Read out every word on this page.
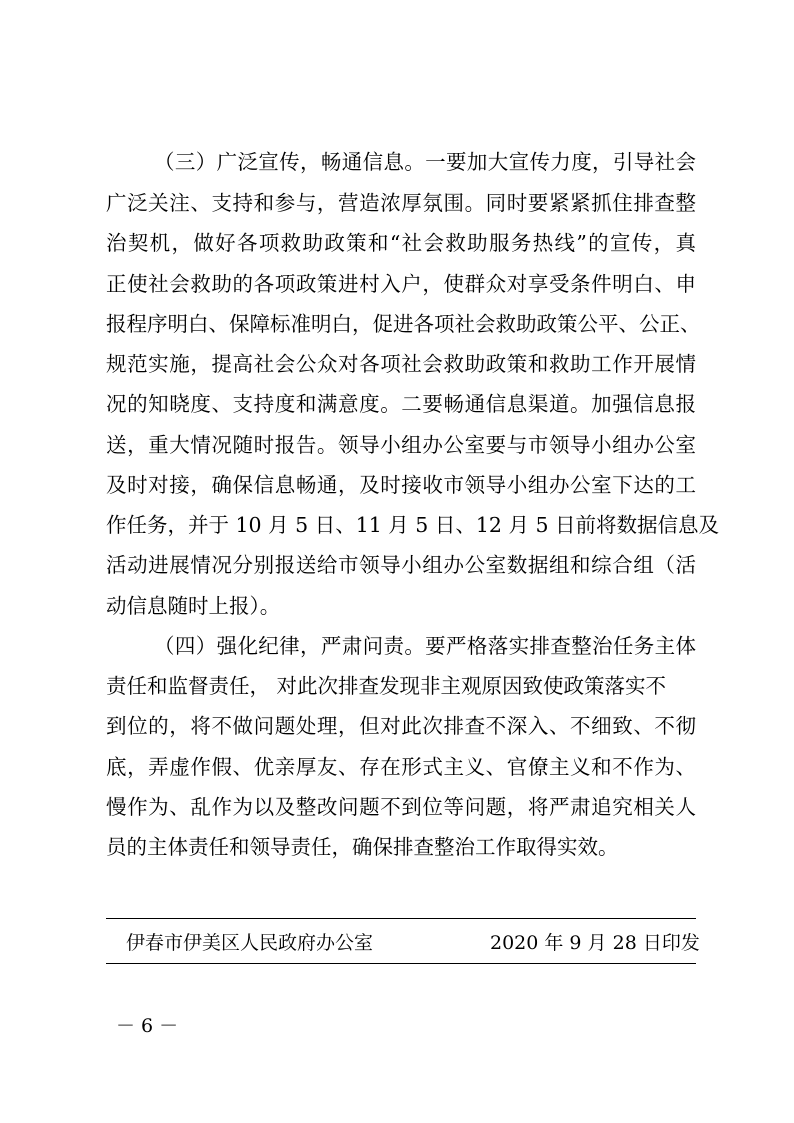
（三）广泛宣传，畅通信息。一要加大宣传力度，引导社会
广泛关注、支持和参与，营造浓厚氛围。同时要紧紧抓住排查整
治契机，做好各项救助政策和“社会救助服务热线”的宣传，真
正使社会救助的各项政策进村入户，使群众对享受条件明白、申
报程序明白、保障标准明白，促进各项社会救助政策公平、公正、
规范实施，提高社会公众对各项社会救助政策和救助工作开展情
况的知晓度、支持度和满意度。二要畅通信息渠道。加强信息报
送，重大情况随时报告。领导小组办公室要与市领导小组办公室
及时对接，确保信息畅通，及时接收市领导小组办公室下达的工
作任务，并于 10 月 5 日、11 月 5 日、12 月 5 日前将数据信息及
活动进展情况分别报送给市领导小组办公室数据组和综合组（活
动信息随时上报）。
（四）强化纪律，严肃问责。要严格落实排查整治任务主体
责任和监督责任， 对此次排查发现非主观原因致使政策落实不
到位的，将不做问题处理，但对此次排查不深入、不细致、不彻
底，弄虚作假、优亲厚友、存在形式主义、官僚主义和不作为、
慢作为、乱作为以及整改问题不到位等问题，将严肃追究相关人
员的主体责任和领导责任，确保排查整治工作取得实效。
伊春市伊美区人民政府办公室	2020 年 9 月 28 日印发
－ 6 －
